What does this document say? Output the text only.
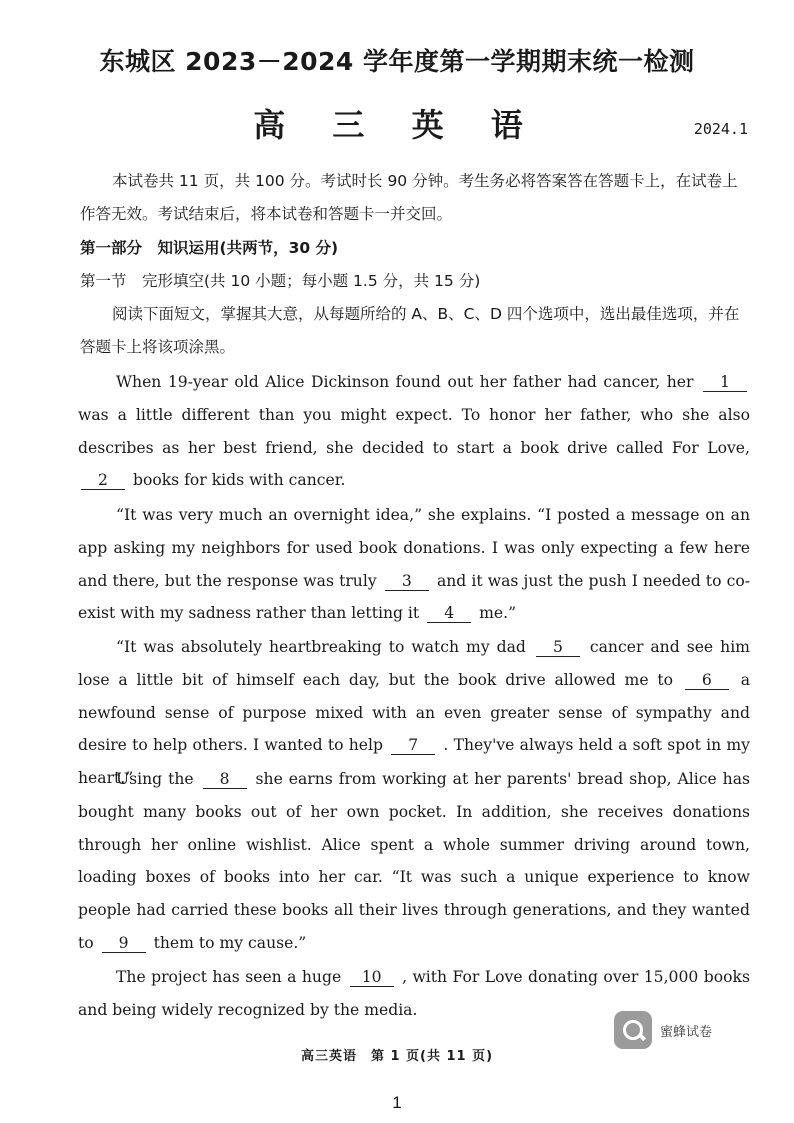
东城区 2023－2024 学年度第一学期期末统一检测
高 三 英 语	2024.1
本试卷共 11 页，共 100 分。考试时长 90 分钟。考生务必将答案答在答题卡上，在试卷上作答无效。考试结束后，将本试卷和答题卡一并交回。
第一部分　知识运用(共两节，30 分)
第一节　完形填空(共 10 小题；每小题 1.5 分，共 15 分)
阅读下面短文，掌握其大意，从每题所给的 A、B、C、D 四个选项中，选出最佳选项，并在答题卡上将该项涂黑。
When 19-year old Alice Dickinson found out her father had cancer, her 1 was a little different than you might expect. To honor her father, who she also describes as her best friend, she decided to start a book drive called For Love, 2 books for kids with cancer.
“It was very much an overnight idea,” she explains. “I posted a message on an app asking my neighbors for used book donations. I was only expecting a few here and there, but the response was truly 3 and it was just the push I needed to co-exist with my sadness rather than letting it 4 me.”
“It was absolutely heartbreaking to watch my dad 5 cancer and see him lose a little bit of himself each day, but the book drive allowed me to 6 a newfound sense of purpose mixed with an even greater sense of sympathy and desire to help others. I wanted to help 7 . They've always held a soft spot in my heart.”
Using the 8 she earns from working at her parents' bread shop, Alice has bought many books out of her own pocket. In addition, she receives donations through her online wishlist. Alice spent a whole summer driving around town, loading boxes of books into her car. “It was such a unique experience to know people had carried these books all their lives through generations, and they wanted to 9 them to my cause.”
The project has seen a huge 10 , with For Love donating over 15,000 books and being widely recognized by the media.
蜜蜂试卷
高三英语　第 1 页(共 11 页)
1
